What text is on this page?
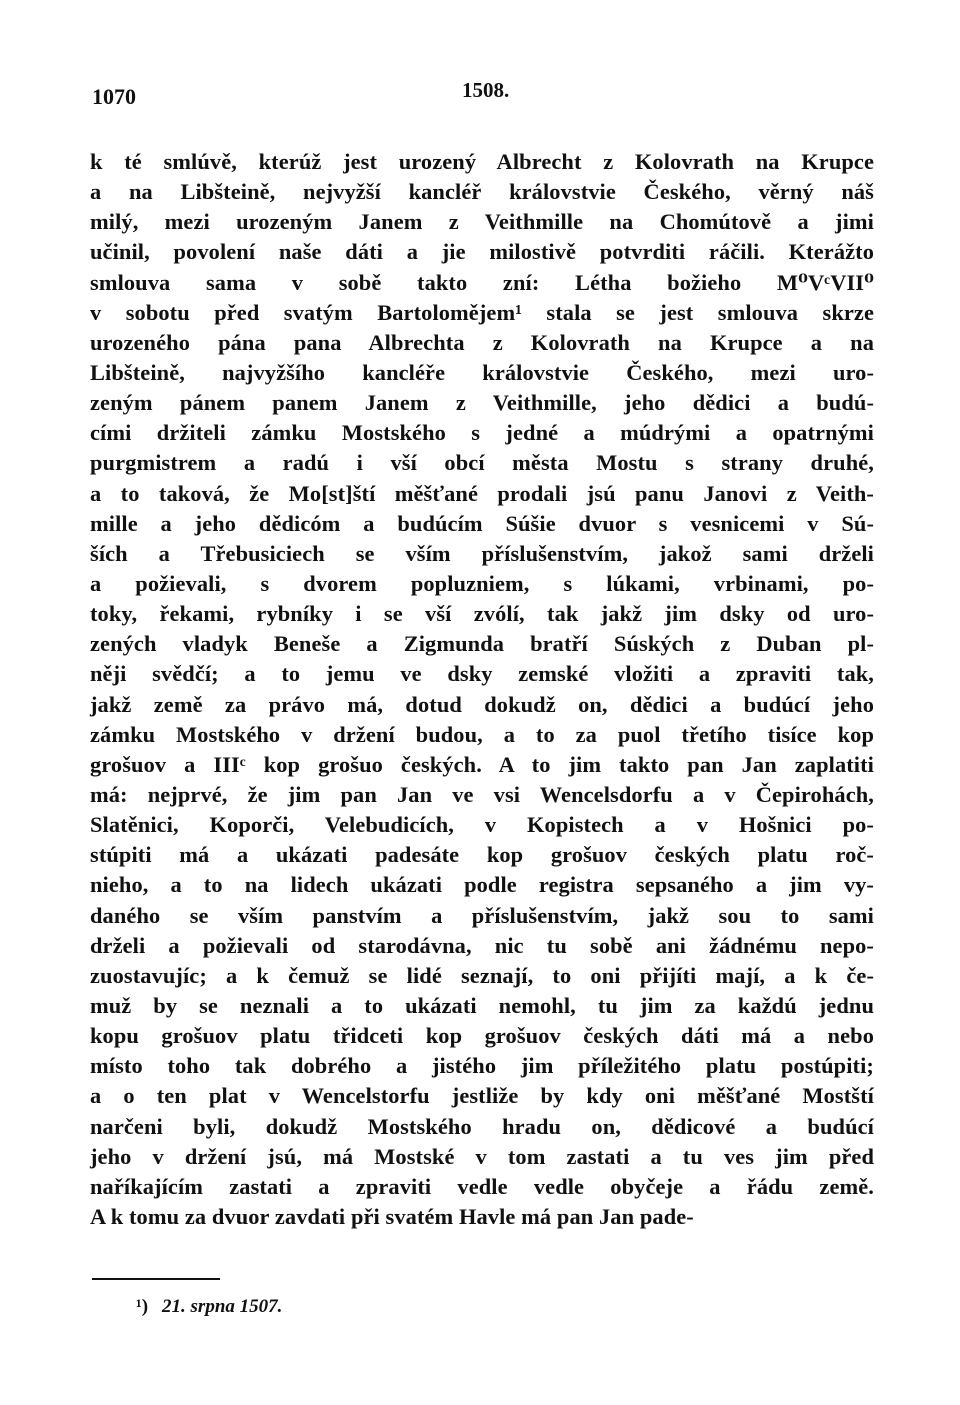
1070	1508.
k té smlúvě, kterúž jest urozený Albrecht z Kolovrath na Krupce
a na Libšteině, nejvyžší kancléř královstvie Českého, věrný náš
milý, mezi urozeným Janem z Veithmille na Chomútově a jimi
učinil, povolení naše dáti a jie milostivě potvrditi ráčili. Kterážto
smlouva sama v sobě takto zní: Létha božieho M⁰VᶜVII⁰
v sobotu před svatým Bartolomějem¹ stala se jest smlouva skrze
urozeného pána pana Albrechta z Kolovrath na Krupce a na
Libšteině, najvyžšího kancléře královstvie Českého, mezi uro-
zeným pánem panem Janem z Veithmille, jeho dědici a budú-
cími držiteli zámku Mostského s jedné a múdrými a opatrnými
purgmistrem a radú i vší obcí města Mostu s strany druhé,
a to taková, že Mo[st]ští měšťané prodali jsú panu Janovi z Veith-
mille a jeho dědicóm a budúcím Súšie dvuor s vesnicemi v Sú-
ších a Třebusiciech se vším příslušenstvím, jakož sami drželi
a požievali, s dvorem popluzniem, s lúkami, vrbinami, po-
toky, řekami, rybníky i se vší zvólí, tak jakž jim dsky od uro-
zených vladyk Beneše a Zigmunda bratří Súských z Duban pl-
něji svědčí; a to jemu ve dsky zemské vložiti a zpraviti tak,
jakž země za právo má, dotud dokudž on, dědici a budúcí jeho
zámku Mostského v držení budou, a to za puol třetího tisíce kop
grošuov a IIIᶜ kop grošuo českých. A to jim takto pan Jan zaplatiti
má: nejprvé, že jim pan Jan ve vsi Wencelsdorfu a v Čepirohách,
Slatěnici, Koporči, Velebudicích, v Kopistech a v Hošnici po-
stúpiti má a ukázati padesáte kop grošuov českých platu roč-
nieho, a to na lidech ukázati podle registra sepsaného a jim vy-
daného se vším panstvím a příslušenstvím, jakž sou to sami
drželi a požievali od starodávna, nic tu sobě ani žádnému nepo-
zuostavujíc; a k čemuž se lidé seznají, to oni přijíti mají, a k če-
muž by se neznali a to ukázati nemohl, tu jim za každú jednu
kopu grošuov platu třidceti kop grošuov českých dáti má a nebo
místo toho tak dobrého a jistého jim příležitého platu postúpiti;
a o ten plat v Wencelstorfu jestliže by kdy oni měšťané Mostští
narčeni byli, dokudž Mostského hradu on, dědicové a budúcí
jeho v držení jsú, má Mostské v tom zastati a tu ves jim před
naříkajícím zastati a zpraviti vedle vedle obyčeje a řádu země.
A k tomu za dvuor zavdati při svatém Havle má pan Jan pade-
¹) 21. srpna 1507.
